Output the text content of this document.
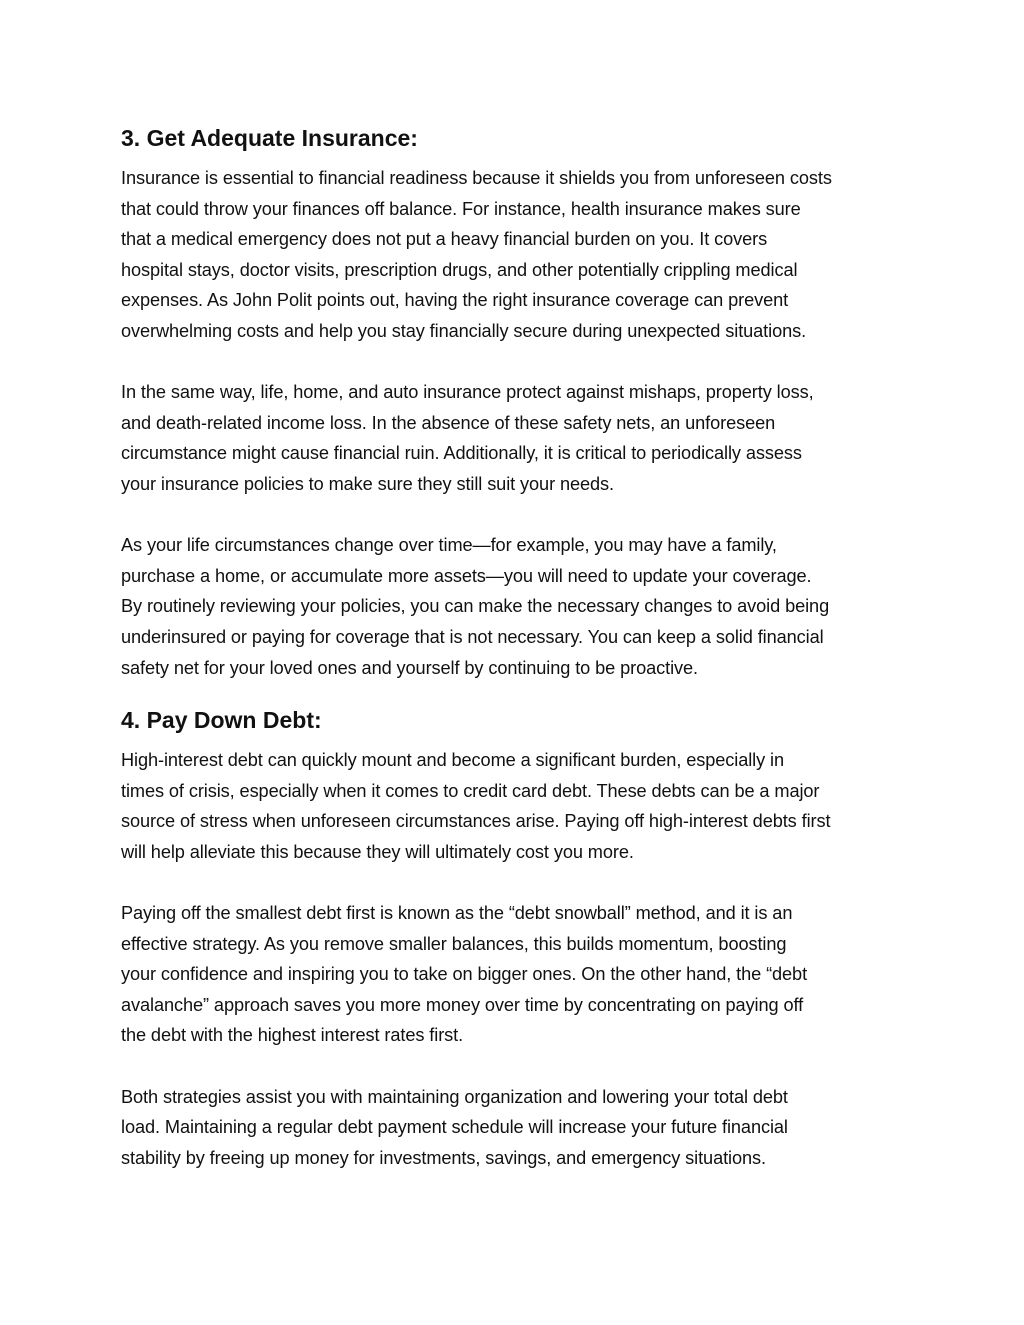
3. Get Adequate Insurance:

Insurance is essential to financial readiness because it shields you from unforeseen costs
that could throw your finances off balance. For instance, health insurance makes sure
that a medical emergency does not put a heavy financial burden on you. It covers
hospital stays, doctor visits, prescription drugs, and other potentially crippling medical
expenses. As John Polit points out, having the right insurance coverage can prevent
overwhelming costs and help you stay financially secure during unexpected situations.

In the same way, life, home, and auto insurance protect against mishaps, property loss,
and death-related income loss. In the absence of these safety nets, an unforeseen
circumstance might cause financial ruin. Additionally, it is critical to periodically assess
your insurance policies to make sure they still suit your needs.

As your life circumstances change over time—for example, you may have a family,
purchase a home, or accumulate more assets—you will need to update your coverage.
By routinely reviewing your policies, you can make the necessary changes to avoid being
underinsured or paying for coverage that is not necessary. You can keep a solid financial
safety net for your loved ones and yourself by continuing to be proactive.

4. Pay Down Debt:

High-interest debt can quickly mount and become a significant burden, especially in
times of crisis, especially when it comes to credit card debt. These debts can be a major
source of stress when unforeseen circumstances arise. Paying off high-interest debts first
will help alleviate this because they will ultimately cost you more.

Paying off the smallest debt first is known as the “debt snowball” method, and it is an
effective strategy. As you remove smaller balances, this builds momentum, boosting
your confidence and inspiring you to take on bigger ones. On the other hand, the “debt
avalanche” approach saves you more money over time by concentrating on paying off
the debt with the highest interest rates first.

Both strategies assist you with maintaining organization and lowering your total debt
load. Maintaining a regular debt payment schedule will increase your future financial
stability by freeing up money for investments, savings, and emergency situations.
